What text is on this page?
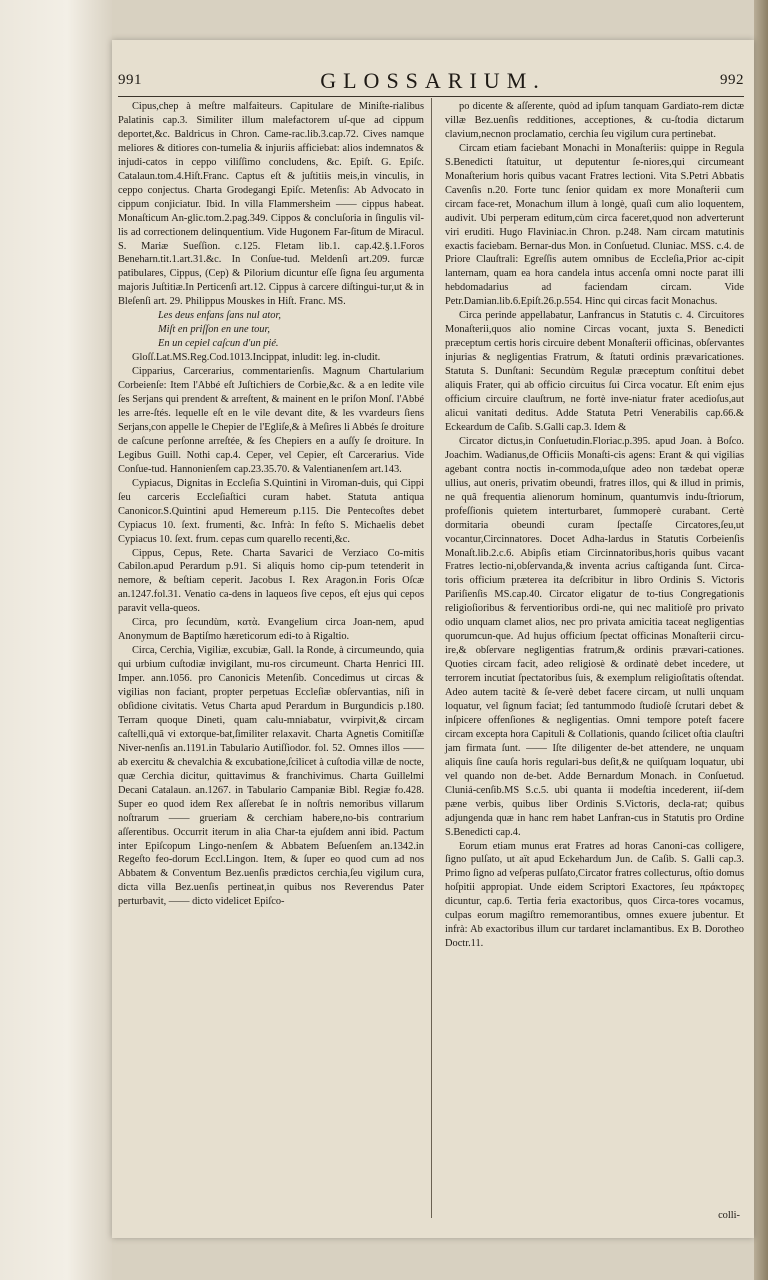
991	GLOSSARIUM.	992

Cipus,chep à meſtre malfaiteurs. Capitulare de Miniſte-rialibus Palatinis cap.3. Similiter illum malefactorem uſ-que ad cippum deportet,&c. Baldricus in Chron. Came-rac.lib.3.cap.72. Cives namque meliores & ditiores con-tumelia & injuriis afficiebat: alios indemnatos & injudi-catos in ceppo viliſſimo concludens, &c. Epiſt. G. Epiſc. Catalaun.tom.4.Hiſt.Franc. Captus eſt & juſtitiis meis,in vinculis, in ceppo conjectus. Charta Grodegangi Epiſc. Metenſis: Ab Advocato in cippum conjiciatur. Ibid. In villa Flammersheim —— cippus habeat. Monaſticum An-glic.tom.2.pag.349. Cippos & concluſoria in ſingulis vil-lis ad correctionem delinquentium. Vide Hugonem Far-ſitum de Miracul. S. Mariæ Sueſſion. c.125. Fletam lib.1. cap.42.§.1.Foros Beneharn.tit.1.art.31.&c. In Conſue-tud. Meldenſi art.209. furcæ patibulares, Cippus, (Cep) & Pilorium dicuntur eſſe ſigna ſeu argumenta majoris Juſtitiæ.In Perticenſi art.12. Cippus à carcere diſtingui-tur,ut & in Bleſenſi art. 29. Philippus Mouskes in Hiſt. Franc. MS.

Les deus enfans ſans nul ator,

Miſt en priſſon en une tour,

En un cepiel caſcun d'un pié.

Gloſſ.Lat.MS.Reg.Cod.1013.Incippat, inludit: leg. in-cludit.

Cipparius, Carcerarius, commentarienſis. Magnum Chartularium Corbeienſe: Item l'Abbé eſt Juſtichiers de Corbie,&c. & a en ledite vile ſes Serjans qui prendent & arreſtent, & mainent en le priſon Monſ. l'Abbé les arre-ſtés. lequelle eſt en le vile devant dite, & les vvardeurs ſiens Serjans,con appelle le Chepier de l'Egliſe,& à Meſires li Abbés ſe droiture de caſcune perſonne arreſtée, & ſes Chepiers en a auſſy ſe droiture. In Legibus Guill. Nothi cap.4. Ceper, vel Cepier, eſt Carcerarius. Vide Conſue-tud. Hannonienſem cap.23.35.70. & Valentianenſem art.143.

Cypiacus, Dignitas in Eccleſia S.Quintini in Viroman-duis, qui Cippi ſeu carceris Eccleſiaſtici curam habet. Statuta antiqua Canonicor.S.Quintini apud Hemereum p.115. Die Pentecoſtes debet Cypiacus 10. ſext. frumenti, &c. Infrà: In feſto S. Michaelis debet Cypiacus 10. ſext. frum. cepas cum quarello recenti,&c.

Cippus, Cepus, Rete. Charta Savarici de Verziaco Co-mitis Cabilon.apud Perardum p.91. Si aliquis homo cip-pum tetenderit in nemore, & beſtiam ceperit. Jacobus I. Rex Aragon.in Foris Oſcæ an.1247.fol.31. Venatio ca-dens in laqueos ſive cepos, eſt ejus qui cepos paravit vella-queos.

Circa, pro ſecundùm, κατὰ. Evangelium circa Joan-nem, apud Anonymum de Baptiſmo hæreticorum edi-to à Rigaltio.

Circa, Cerchia, Vigiliæ, excubiæ, Gall. la Ronde, à circumeundo, quia qui urbium cuſtodiæ invigilant, mu-ros circumeunt. Charta Henrici III. Imper. ann.1056. pro Canonicis Metenſib. Concedimus ut circas & vigilias non faciant, propter perpetuas Eccleſiæ obſervantias, niſi in obſidione civitatis. Vetus Charta apud Perardum in Burgundicis p.180. Terram quoque Dineti, quam calu-mniabatur, vvirpivit,& circam caſtelli,quã vi extorque-bat,ſimiliter relaxavit. Charta Agnetis Comitiſſæ Niver-nenſis an.1191.in Tabulario Autiſſiodor. fol. 52. Omnes illos —— ab exercitu & chevalchia & excubatione,ſcilicet à cuſtodia villæ de nocte, quæ Cerchia dicitur, quittavimus & franchivimus. Charta Guillelmi Decani Catalaun. an.1267. in Tabulario Campaniæ Bibl. Regiæ fo.428. Super eo quod idem Rex aſſerebat ſe in noſtris nemoribus villarum noſtrarum —— grueriam & cerchiam habere,no-bis contrarium aſſerentibus. Occurrit iterum in alia Char-ta ejuſdem anni ibid. Pactum inter Epiſcopum Lingo-nenſem & Abbatem Beſuenſem an.1342.in Regeſto feo-dorum Eccl.Lingon. Item, & ſuper eo quod cum ad nos Abbatem & Conventum Bez.uenſis prædictos cerchia,ſeu vigilum cura, dicta villa Bez.uenſis pertineat,in quibus nos Reverendus Pater perturbavit, —— dicto videlicet Epiſco-

po dicente & aſſerente, quòd ad ipſum tanquam Gardiato-rem dictæ villæ Bez.uenſis redditiones, acceptiones, & cu-ſtodia dictarum clavium,necnon proclamatio, cerchia ſeu vigilum cura pertinebat.

Circam etiam faciebant Monachi in Monaſteriis: quippe in Regula S.Benedicti ſtatuitur, ut deputentur ſe-niores,qui circumeant Monaſterium horis quibus vacant Fratres lectioni. Vita S.Petri Abbatis Cavenſis n.20. Forte tunc ſenior quidam ex more Monaſterii cum circam face-ret, Monachum illum à longè, quaſi cum alio loquentem, audivit. Ubi perperam editum,cùm circa faceret,quod non adverterunt viri eruditi. Hugo Flaviniac.in Chron. p.248. Nam circam matutinis exactis faciebam. Bernar-dus Mon. in Conſuetud. Cluniac. MSS. c.4. de Priore Clauſtrali: Egreſſis autem omnibus de Eccleſia,Prior ac-cipit lanternam, quam ea hora candela intus accenſa omni nocte parat illi hebdomadarius ad faciendam circam. Vide Petr.Damian.lib.6.Epiſt.26.p.554. Hinc qui circas facit Monachus.

Circa perinde appellabatur, Lanfrancus in Statutis c. 4. Circuitores Monaſterii,quos alio nomine Circas vocant, juxta S. Benedicti præceptum certis horis circuire debent Monaſterii officinas, obſervantes injurias & negligentias Fratrum, & ſtatuti ordinis prævaricationes. Statuta S. Dunſtani: Secundùm Regulæ præceptum conſtitui debet aliquis Frater, qui ab officio circuitus ſui Circa vocatur. Eſt enim ejus officium circuire clauſtrum, ne fortè inve-niatur frater acedioſus,aut alicui vanitati deditus. Adde Statuta Petri Venerabilis cap.66.& Eckeardum de Caſib. S.Galli cap.3. Idem &

Circator dictus,in Conſuetudin.Floriac.p.395. apud Joan. à Boſco. Joachim. Wadianus,de Officiis Monaſti-cis agens: Erant & qui vigilias agebant contra noctis in-commoda,uſque adeo non tædebat operæ ullius, aut oneris, privatim obeundi, fratres illos, qui & illud in primis, ne quâ frequentia alienorum hominum, quantumvis indu-ſtriorum, profeſſionis quietem interturbaret, ſummoperè curabant. Certè dormitaria obeundi curam ſpectaſſe Circatores,ſeu,ut vocantur,Circinnatores. Docet Adha-lardus in Statutis Corbeienſis Monaſt.lib.2.c.6. Abipſis etiam Circinnatoribus,horis quibus vacant Fratres lectio-ni,obſervanda,& inventa acrius caſtiganda ſunt. Circa-toris officium præterea ita deſcribitur in libro Ordinis S. Victoris Pariſienſis MS.cap.40. Circator eligatur de to-tius Congregationis religioſioribus & ferventioribus ordi-ne, qui nec malitioſè pro privato odio unquam clamet alios, nec pro privata amicitia taceat negligentias quorumcun-que. Ad hujus officium ſpectat officinas Monaſterii circu-ire,& obſervare negligentias fratrum,& ordinis prævari-cationes. Quoties circam facit, adeo religiosè & ordinatè debet incedere, ut terrorem incutiat ſpectatoribus ſuis, & exemplum religioſitatis oſtendat. Adeo autem tacitè & ſe-verè debet facere circam, ut nulli unquam loquatur, vel ſignum faciat; ſed tantummodo ſtudioſè ſcrutari debet & inſpicere offenſiones & negligentias. Omni tempore poteſt facere circam excepta hora Capituli & Collationis, quando ſcilicet oſtia clauſtri jam firmata ſunt. —— Iſte diligenter de-bet attendere, ne unquam aliquis ſine cauſa horis regulari-bus deſit,& ne quiſquam loquatur, ubi vel quando non de-bet. Adde Bernardum Monach. in Conſuetud. Cluniá-cenſib.MS S.c.5. ubi quanta ii modeſtia incederent, iiſ-dem pæne verbis, quibus liber Ordinis S.Victoris, decla-rat; quibus adjungenda quæ in hanc rem habet Lanfran-cus in Statutis pro Ordine S.Benedicti cap.4.

Eorum etiam munus erat Fratres ad horas Canoni-cas colligere, ſigno pulſato, ut aït apud Eckehardum Jun. de Caſib. S. Galli cap.3. Primo ſigno ad veſperas pulſato,Circator fratres collecturus, oſtio domus hoſpitii appropiat. Unde eidem Scriptori Exactores, ſeu πράκτορες dicuntur, cap.6. Tertia feria exactoribus, quos Circa-tores vocamus, culpas eorum magiſtro rememorantibus, omnes exuere jubentur. Et infrà: Ab exactoribus illum cur tardaret inclamantibus. Ex B. Dorotheo Doctr.11.

colli-
